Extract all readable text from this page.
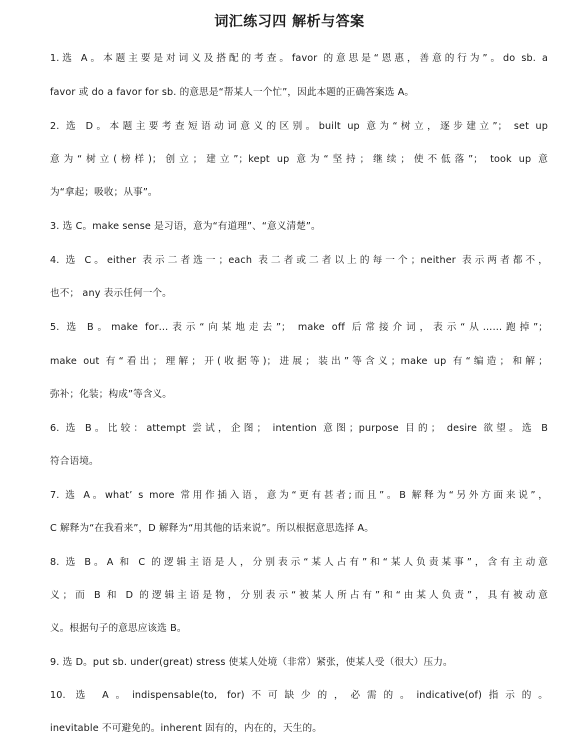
词汇练习四 解析与答案
1.选 A。本题主要是对词义及搭配的考查。favor 的意思是“恩惠，善意的行为”。do sb. a
favor 或 do a favor for sb. 的意思是“帮某人一个忙”，因此本题的正确答案选 A。
2. 选 D。本题主要考查短语动词意义的区别。built up 意为“树立，逐步建立”； set up
意为“树立(榜样)；创立；建立”；kept up 意为“坚持；继续；使不低落”； took up 意
为“拿起；吸收；从事”。
3. 选 C。make sense 是习语，意为“有道理”、“意义清楚”。
4. 选 C。either 表示二者选一；each 表二者或二者以上的每一个；neither 表示两者都不，
也不； any 表示任何一个。
5. 选 B。make for…表示“向某地走去”； make off 后常接介词，表示“从……跑掉”；
make out 有“看出；理解；开(收据等)；进展；装出”等含义；make up 有“编造；和解；
弥补；化装；构成”等含义。
6. 选 B。比较：attempt 尝试，企图； intention 意图；purpose 目的； desire 欲望。选 B
符合语境。
7. 选 A。what’ s more 常用作插入语，意为“更有甚者;而且”。B 解释为“另外方面来说”，
C 解释为“在我看来”，D 解释为“用其他的话来说”。所以根据意思选择 A。
8. 选 B。A 和 C 的逻辑主语是人，分别表示“某人占有”和“某人负责某事”，含有主动意
义；而 B 和 D 的逻辑主语是物，分别表示“被某人所占有”和“由某人负责”，具有被动意
义。根据句子的意思应该选 B。
9. 选 D。put sb. under(great) stress 使某人处境（非常）紧张，使某人受（很大）压力。
10. 选 A。indispensable(to, for)不可缺少的，必需的。indicative(of)指示的。
inevitable 不可避免的。inherent 固有的，内在的，天生的。
